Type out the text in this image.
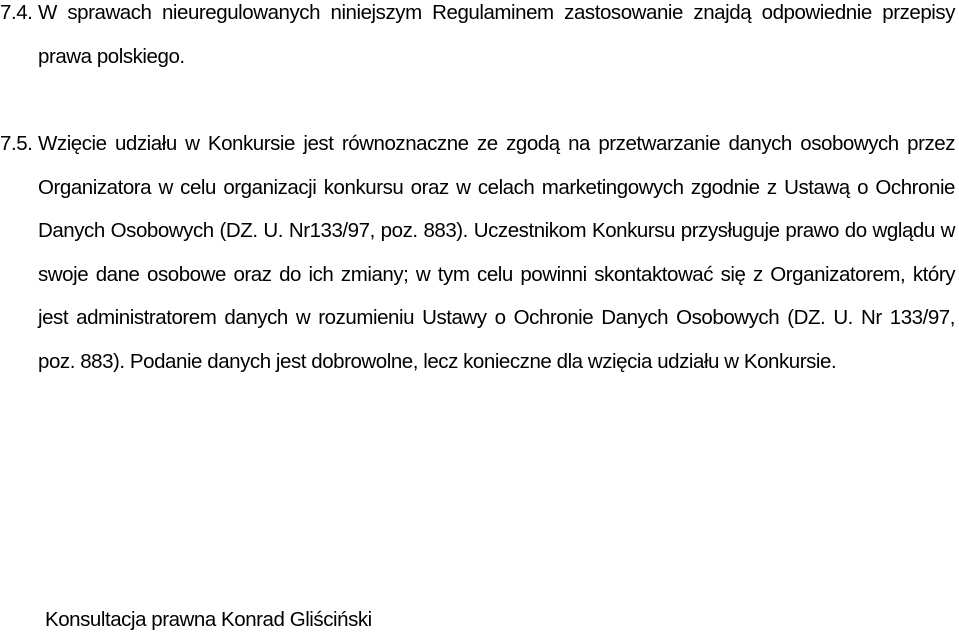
7.4. W sprawach nieuregulowanych niniejszym Regulaminem zastosowanie znajdą odpowiednie przepisy prawa polskiego.
7.5. Wzięcie udziału w Konkursie jest równoznaczne ze zgodą na przetwarzanie danych osobowych przez Organizatora w celu organizacji konkursu oraz w celach marketingowych zgodnie z Ustawą o Ochronie Danych Osobowych (DZ. U. Nr133/97, poz. 883). Uczestnikom Konkursu przysługuje prawo do wglądu w swoje dane osobowe oraz do ich zmiany; w tym celu powinni skontaktować się z Organizatorem, który jest administratorem danych w rozumieniu Ustawy o Ochronie Danych Osobowych (DZ. U. Nr 133/97, poz. 883). Podanie danych jest dobrowolne, lecz konieczne dla wzięcia udziału w Konkursie.
Konsultacja prawna Konrad Gliściński
